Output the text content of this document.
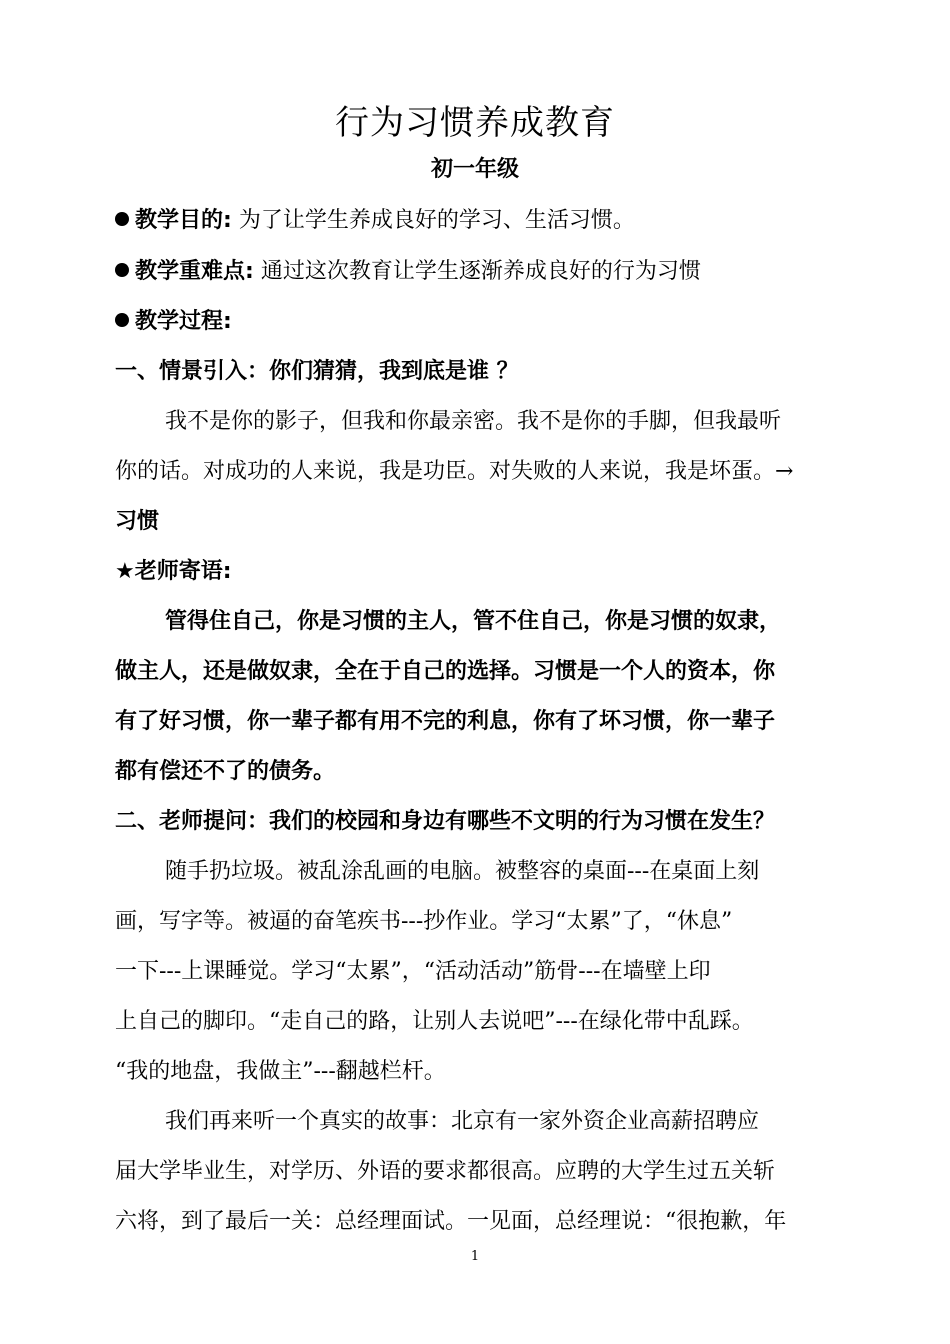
行为习惯养成教育
初一年级
教学目的: 为了让学生养成良好的学习、生活习惯。
教学重难点: 通过这次教育让学生逐渐养成良好的行为习惯
教学过程:
一、情景引入：你们猜猜，我到底是谁 ？
我不是你的影子，但我和你最亲密。我不是你的手脚，但我最听
你的话。对成功的人来说，我是功臣。对失败的人来说，我是坏蛋。→
习惯
★老师寄语:
管得住自己，你是习惯的主人，管不住自己，你是习惯的奴隶，
做主人，还是做奴隶，全在于自己的选择。习惯是一个人的资本，你
有了好习惯，你一辈子都有用不完的利息，你有了坏习惯，你一辈子
都有偿还不了的债务。
二、老师提问：我们的校园和身边有哪些不文明的行为习惯在发生？
随手扔垃圾。被乱涂乱画的电脑。被整容的桌面---在桌面上刻
画，写字等。被逼的奋笔疾书---抄作业。学习“太累”了，“休息”
一下---上课睡觉。学习“太累”，“活动活动”筋骨---在墙壁上印
上自己的脚印。“走自己的路，让别人去说吧”---在绿化带中乱踩。
“我的地盘，我做主”---翻越栏杆。
我们再来听一个真实的故事：北京有一家外资企业高薪招聘应
届大学毕业生，对学历、外语的要求都很高。应聘的大学生过五关斩
六将，到了最后一关：总经理面试。一见面，总经理说：“很抱歉，年
1
